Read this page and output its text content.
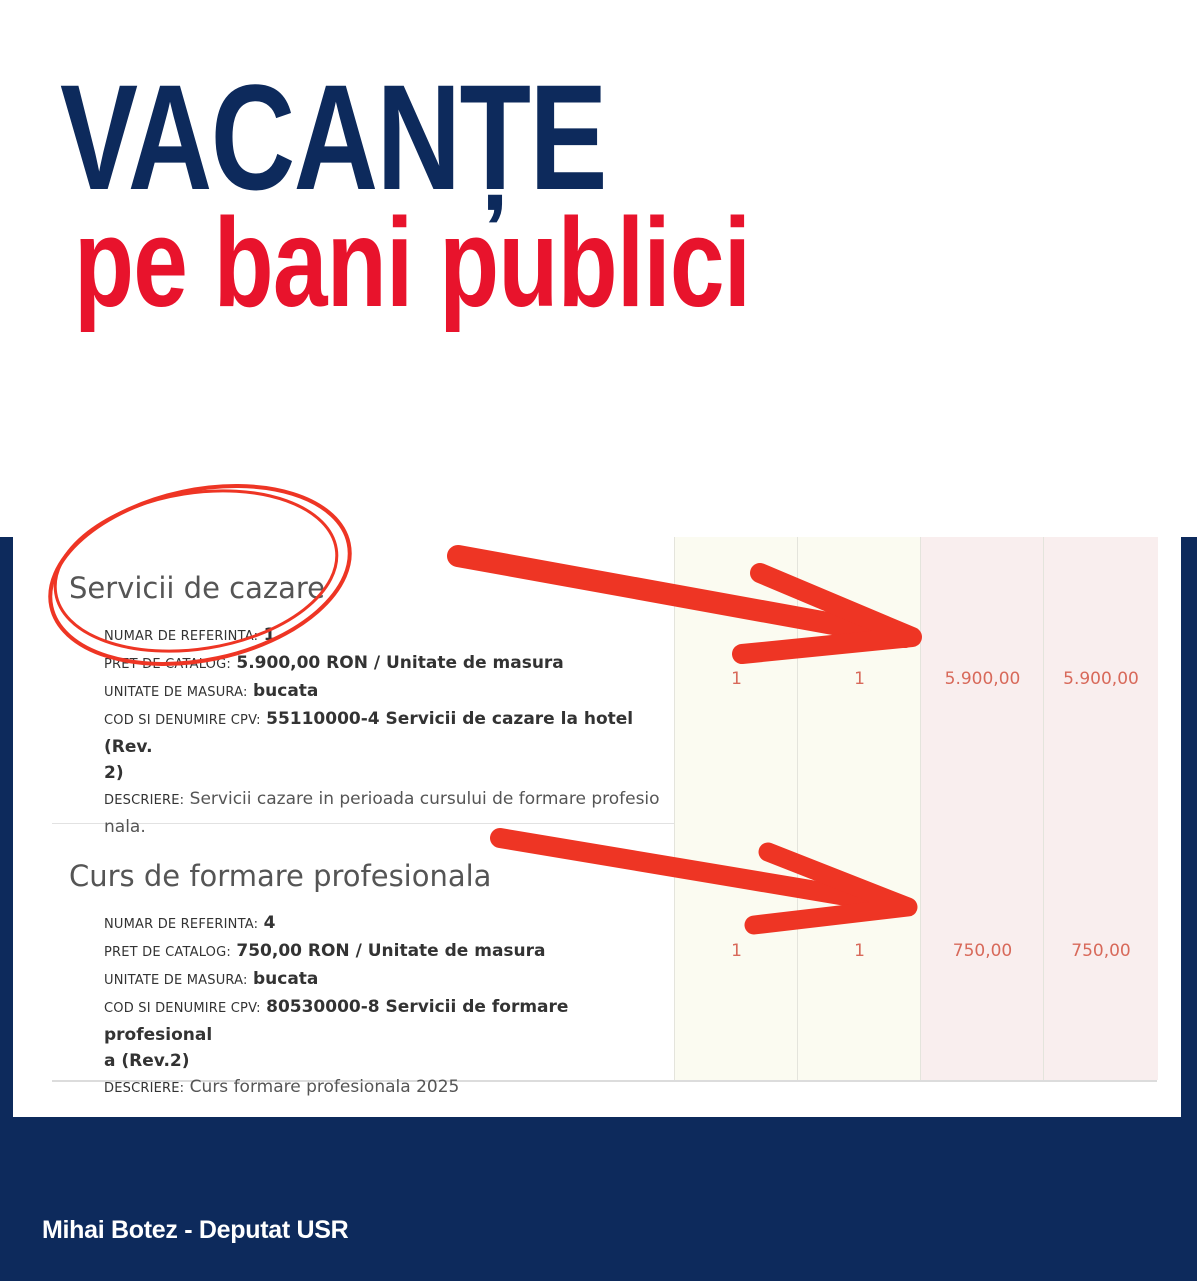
VACANȚE
pe bani publici
1	1	5.900,00	5.900,00
Servicii de cazare

NUMAR DE REFERINTA: 1

PRET DE CATALOG: 5.900,00 RON / Unitate de masura

UNITATE DE MASURA: bucata

COD SI DENUMIRE CPV: 55110000-4 Servicii de cazare la hotel (Rev.

2)

DESCRIERE: Servicii cazare in perioada cursului de formare profesio

nala.

1	1	750,00	750,00
Curs de formare profesionala

NUMAR DE REFERINTA: 4

PRET DE CATALOG: 750,00 RON / Unitate de masura

UNITATE DE MASURA: bucata

COD SI DENUMIRE CPV: 80530000-8 Servicii de formare profesional

a (Rev.2)

DESCRIERE: Curs formare profesionala 2025

Mihai Botez - Deputat USR
